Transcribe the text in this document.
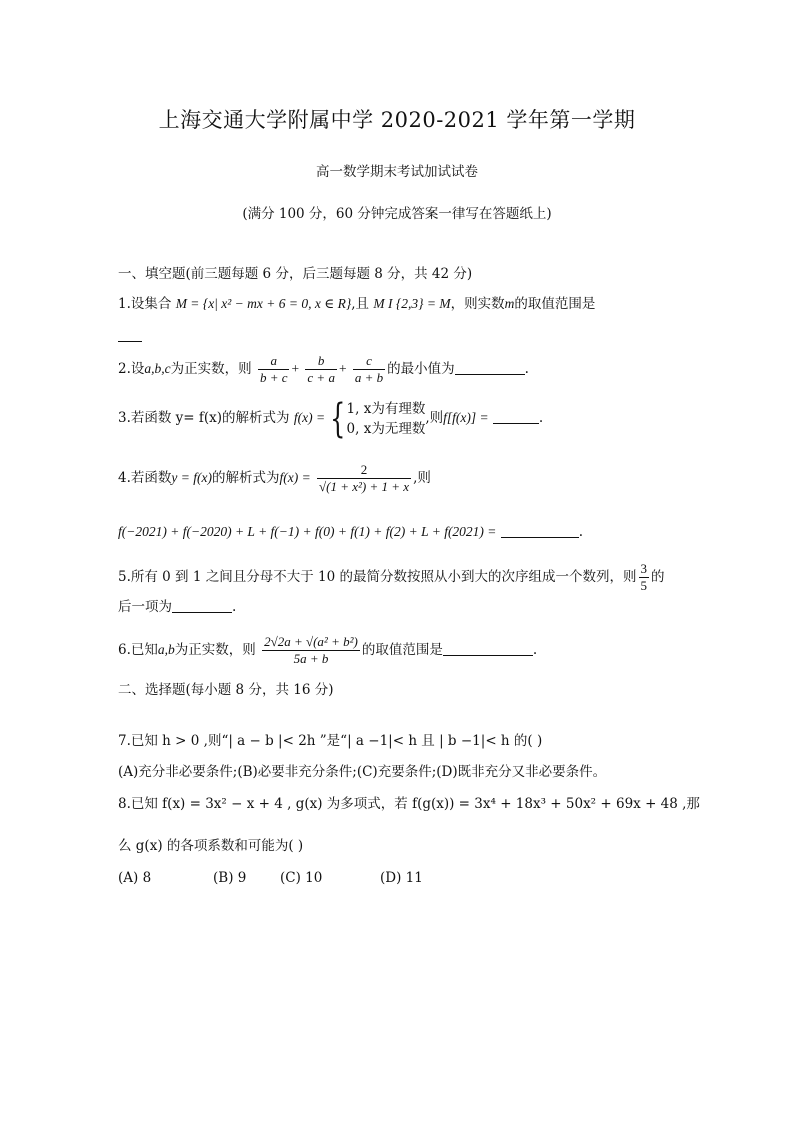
上海交通大学附属中学 2020-2021 学年第一学期
高一数学期末考试加试试卷
(满分 100 分，60 分钟完成答案一律写在答题纸上)
一、填空题(前三题每题 6 分，后三题每题 8 分，共 42 分)
1.设集合 M = {x| x² − mx + 6 = 0, x ∈ R},且 M I {2,3} = M，则实数m的取值范围是
2.设a,b,c为正实数，则 $\frac{a}{b + c} + \frac{b}{c + a} + \frac{c}{a + b}$ 的最小值为	.
3.若函数 y= f(x)的解析式为 f(x) = { 1, x为有理数
0, x为无理数
,则f[f(x)] =	.
4.若函数y = f(x)的解析式为$f(x) = \frac{2}{\text{√(1 + x²) + 1 + x}}$ ,则
f(−2021) + f(−2020) + L + f(−1) + f(0) + f(1) + f(2) + L + f(2021) =	.
5.所有 0 到 1 之间且分母不大于 10 的最简分数按照从小到大的次序组成一个数列，则 $\frac{3}{5}$ 的
后一项为	.
6.已知a,b为正实数，则 $\frac{\text{2√2a + √(a² + b²)}}{5a + b}$ 的取值范围是	.
二、选择题(每小题 8 分，共 16 分)
7.已知 h > 0 ,则“| a − b |< 2h ”是“| a −1|< h 且 | b −1|< h 的( )
(A)充分非必要条件;(B)必要非充分条件;(C)充要条件;(D)既非充分又非必要条件。
8.已知 f(x) = 3x² − x + 4 , g(x) 为多项式，若 f(g(x)) = 3x⁴ + 18x³ + 50x² + 69x + 48 ,那
么 g(x) 的各项系数和可能为( )
(A) 8	(B) 9 (C) 10	(D) 11
